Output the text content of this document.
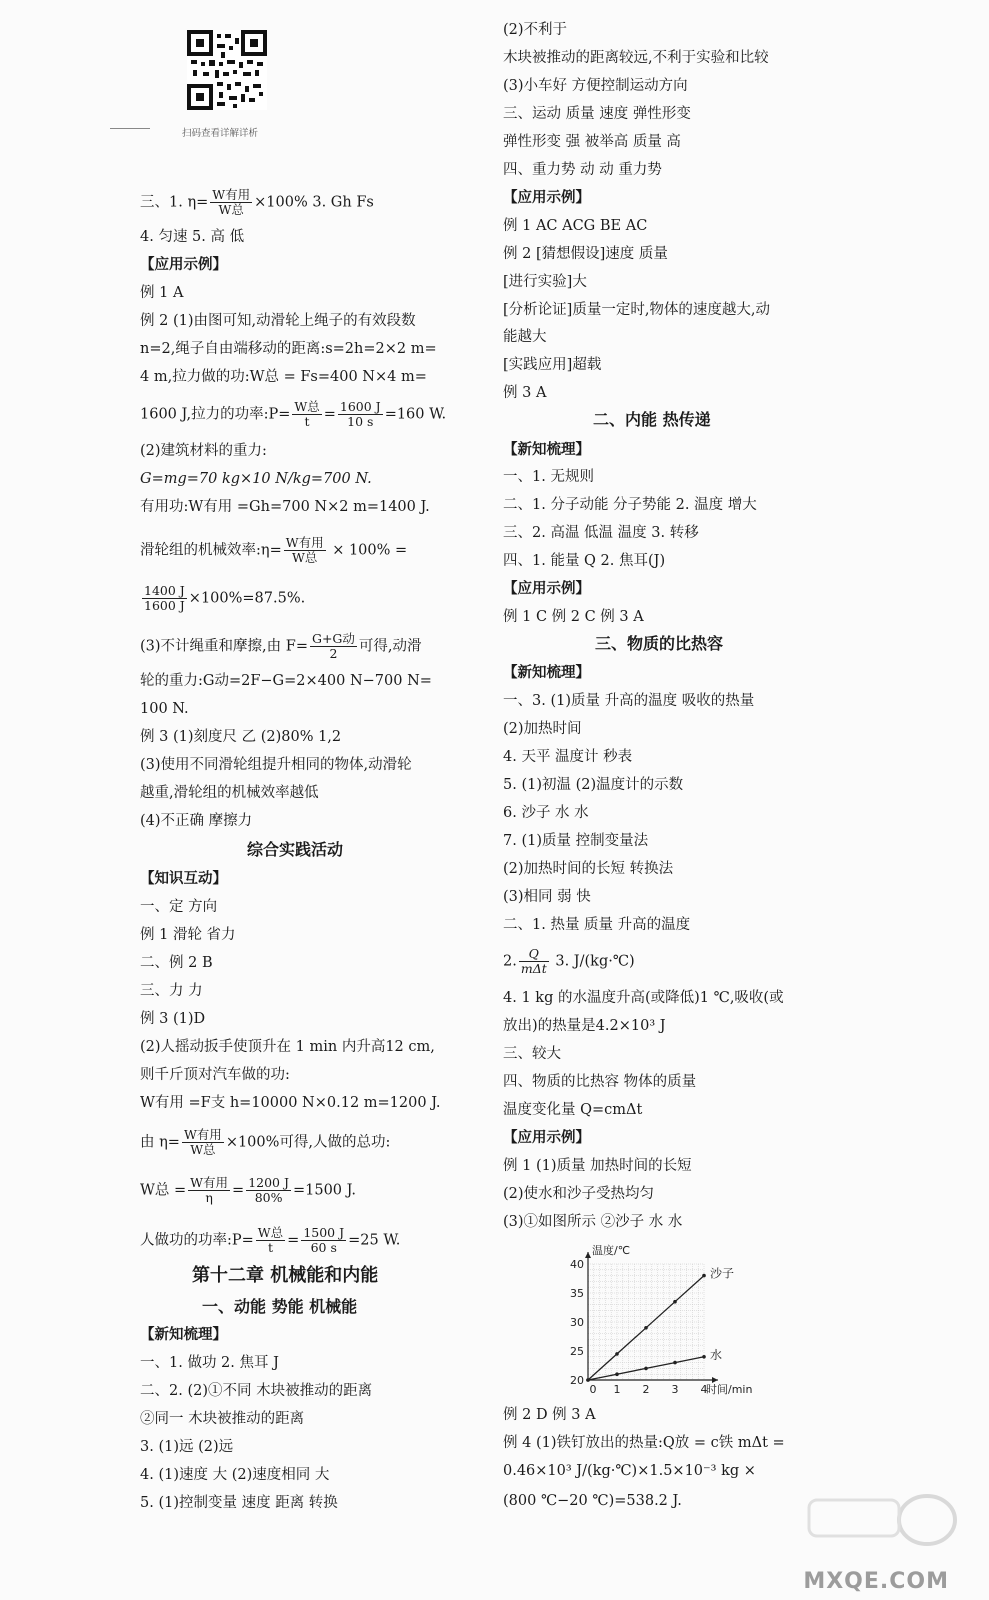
扫码查看详解详析
三、1. $\eta= \frac{\text{W有用}}{\text{W总}} \times 100\%$ 3. Gh Fs
4. 匀速 5. 高 低
【应用示例】
例 1 A
例 2 (1)由图可知,动滑轮上绳子的有效段数
n=2,绳子自由端移动的距离:s=2h=2×2 m=
4 m,拉力做的功:W总 = Fs=400 N×4 m=
1600 J,拉力的功率:P= $\frac{\text{W总}}{t} = \frac{1600 J}{10 s} =160$ W.
(2)建筑材料的重力:
G=mg=70 kg×10 N/kg=700 N.
有用功:W有用 =Gh=700 N×2 m=1400 J.
滑轮组的机械效率:η= $\frac{\text{W有用}}{\text{W总}} \times 100\%$ =
$\frac{1400 J}{1600 J} \times 100\%=87.5\%$.
(3)不计绳重和摩擦,由 $F= \frac{\text{G+G动}}{2}$ 可得,动滑
轮的重力:G动=2F−G=2×400 N−700 N=
100 N.
例 3 (1)刻度尺 乙 (2)80% 1,2
(3)使用不同滑轮组提升相同的物体,动滑轮
越重,滑轮组的机械效率越低
(4)不正确 摩擦力
综合实践活动
【知识互动】
一、定 方向
例 1 滑轮 省力
二、例 2 B
三、力 力
例 3 (1)D
(2)人摇动扳手使顶升在 1 min 内升高12 cm,
则千斤顶对汽车做的功:
W有用 =F支 h=10000 N×0.12 m=1200 J.
由 $\eta= \frac{\text{W有用}}{\text{W总}} \times 100\%$可得,人做的总功:
W总 = $\frac{\text{W有用}}{\eta} = \frac{1200 J}{80\%} =1500$ J.
人做功的功率:P= $\frac{\text{W总}}{t} = \frac{1500 J}{60 s} =25$ W.
第十二章 机械能和内能
一、动能 势能 机械能
【新知梳理】
一、1. 做功 2. 焦耳 J
二、2. (2)①不同 木块被推动的距离
②同一 木块被推动的距离
3. (1)远 (2)远
4. (1)速度 大 (2)速度相同 大
5. (1)控制变量 速度 距离 转换
(2)不利于
木块被推动的距离较远,不利于实验和比较
(3)小车好 方便控制运动方向
三、运动 质量 速度 弹性形变
弹性形变 强 被举高 质量 高
四、重力势 动 动 重力势
【应用示例】
例 1 AC ACG BE AC
例 2 [猜想假设]速度 质量
[进行实验]大
[分析论证]质量一定时,物体的速度越大,动
能越大
[实践应用]超载
例 3 A
二、内能 热传递
【新知梳理】
一、1. 无规则
二、1. 分子动能 分子势能 2. 温度 增大
三、2. 高温 低温 温度 3. 转移
四、1. 能量 Q 2. 焦耳(J)
【应用示例】
例 1 C 例 2 C 例 3 A
三、物质的比热容
【新知梳理】
一、3. (1)质量 升高的温度 吸收的热量
(2)加热时间
4. 天平 温度计 秒表
5. (1)初温 (2)温度计的示数
6. 沙子 水 水
7. (1)质量 控制变量法
(2)加热时间的长短 转换法
(3)相同 弱 快
二、1. 热量 质量 升高的温度
2. $\frac{Q}{\text{mΔt}} 3$. J/(kg·℃)
4. 1 kg 的水温度升高(或降低)1 ℃,吸收(或
放出)的热量是4.2×10³ J
三、较大
四、物质的比热容 物体的质量
温度变化量 Q=cmΔt
【应用示例】
例 1 (1)质量 加热时间的长短
(2)使水和沙子受热均匀
(3)①如图所示 ②沙子 水 水
例 2 D 例 3 A
例 4 (1)铁钉放出的热量:Q放 = c铁 mΔt =
0.46×10³ J/(kg·℃)×1.5×10⁻³ kg ×
(800 ℃−20 ℃)=538.2 J.
20
25
30
35
40
1 2 3 4
0
温度/℃
时间/min
沙子
水
MXQE.COM
